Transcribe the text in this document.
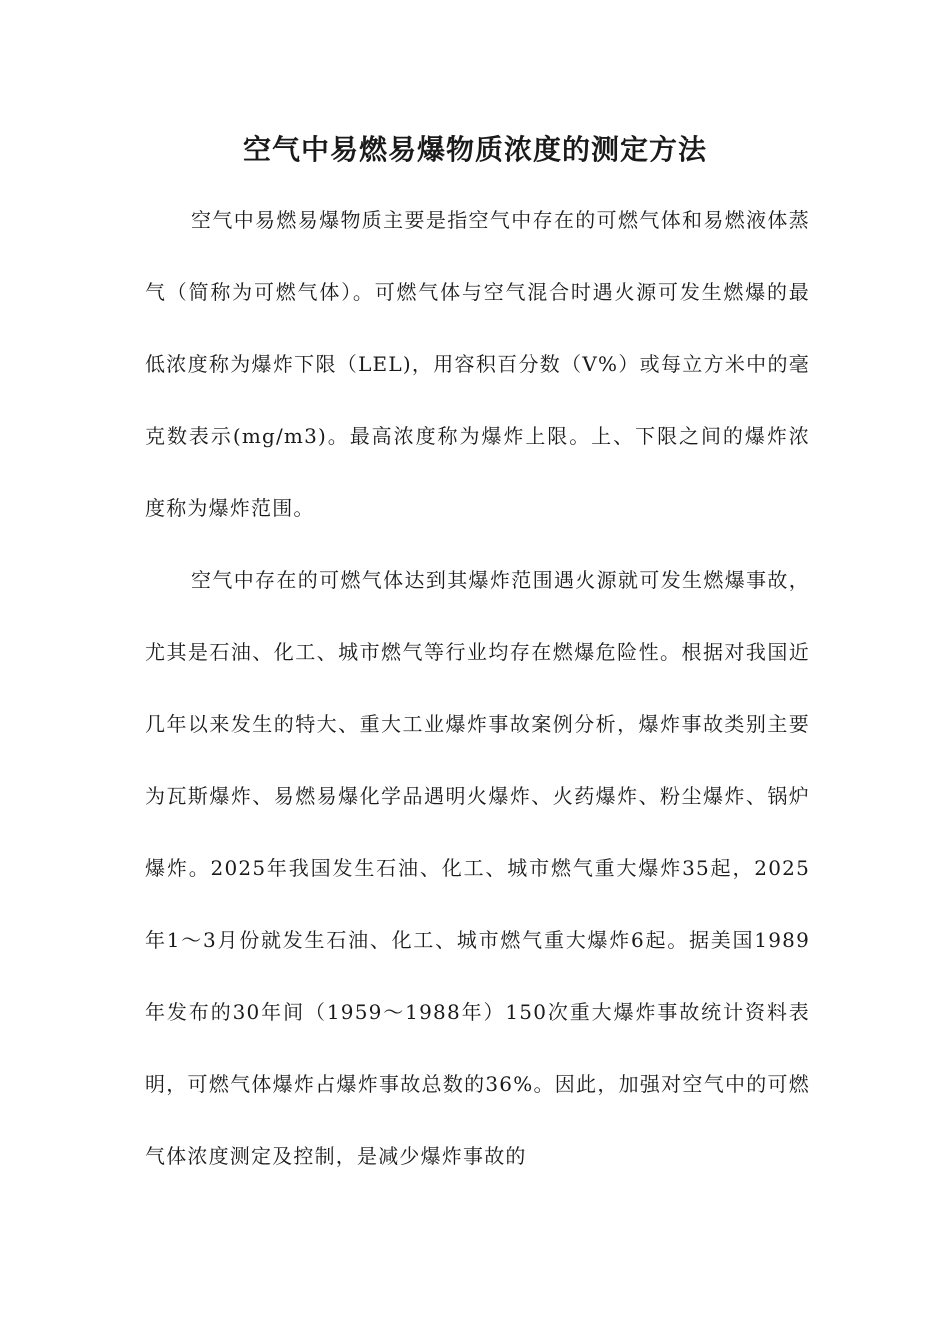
空气中易燃易爆物质浓度的测定方法

空气中易燃易爆物质主要是指空气中存在的可燃气体和易燃液体蒸气（简称为可燃气体）。可燃气体与空气混合时遇火源可发生燃爆的最低浓度称为爆炸下限（LEL)，用容积百分数（V%）或每立方米中的毫克数表示(mg/m3)。最高浓度称为爆炸上限。上、下限之间的爆炸浓度称为爆炸范围。

空气中存在的可燃气体达到其爆炸范围遇火源就可发生燃爆事故，尤其是石油、化工、城市燃气等行业均存在燃爆危险性。根据对我国近几年以来发生的特大、重大工业爆炸事故案例分析，爆炸事故类别主要为瓦斯爆炸、易燃易爆化学品遇明火爆炸、火药爆炸、粉尘爆炸、锅炉爆炸。2025年我国发生石油、化工、城市燃气重大爆炸35起，2025年1～3月份就发生石油、化工、城市燃气重大爆炸6起。据美国1989年发布的30年间（1959～1988年）150次重大爆炸事故统计资料表明，可燃气体爆炸占爆炸事故总数的36%。因此，加强对空气中的可燃气体浓度测定及控制，是减少爆炸事故的
